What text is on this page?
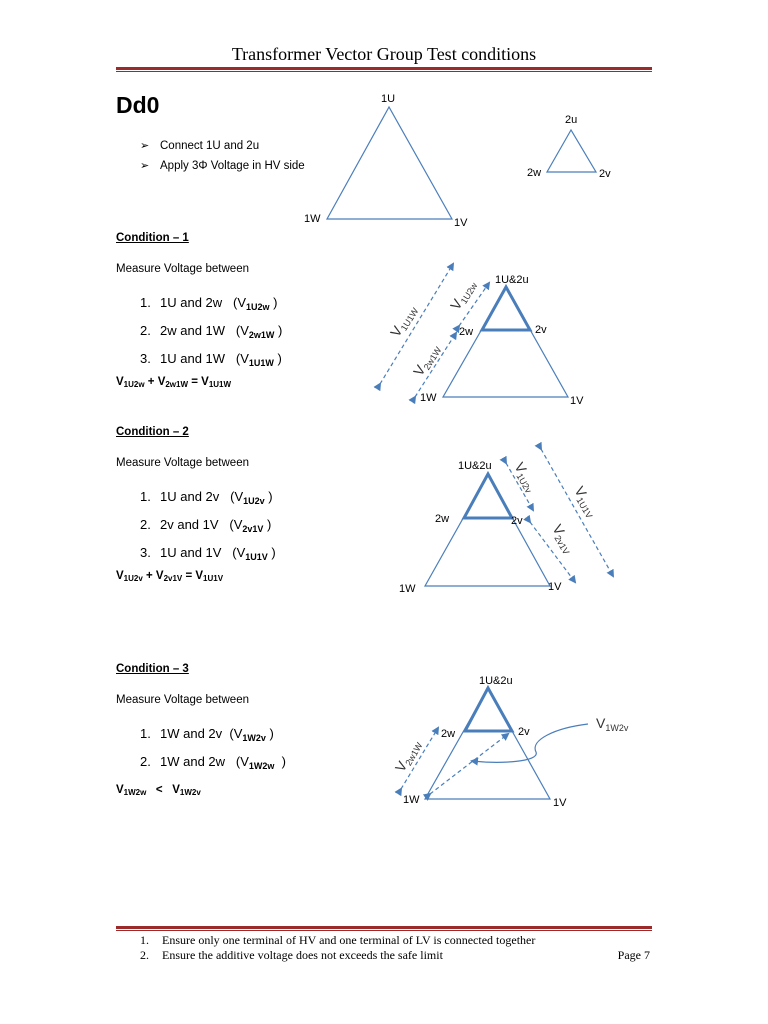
Transformer Vector Group Test conditions
Dd0
➢ Connect 1U and 2u
➢ Apply 3Φ Voltage in HV side
Condition – 1
Measure Voltage between
1. 1U and 2w   ($V_{1U2w}$ )
2. 2w and 1W   ($V_{2w1W}$ )
3. 1U and 1W   ($V_{1U1W}$ )
$V_{1U2w} + V_{2w1W} = V_{1U1W}$
Condition – 2
Measure Voltage between
1. 1U and 2v   ($V_{1U2v}$ )
2. 2v and 1V   ($V_{2v1V}$ )
3. 1U and 1V   ($V_{1U1V}$ )
$V_{1U2v} + V_{2v1V} = V_{1U1V}$
Condition – 3
Measure Voltage between
1. 1W and 2v  ($V_{1W2v}$ )
2. 1W and 2w   ($V_{1W2w}$ )
$V_{1W2w} < V_{1W2v}$
1U
1W	1V
2u
2w	2v
1U&2u
2w	2v
1W	1V
$V_{1U1W}$
$V_{1U2w}$
$V_{2w1W}$
1U&2u
2w	2v
1W	1V
$V_{1U2v}$	$V_{1U1V}$
$V_{2v1V}$
1U&2u
2w	2v
1W	1V
$V_{2w1W}$
$V_{1W2v}$
1. Ensure only one terminal of HV and one terminal of LV is connected together
2. Ensure the additive voltage does not exceeds the safe limit	Page 7
